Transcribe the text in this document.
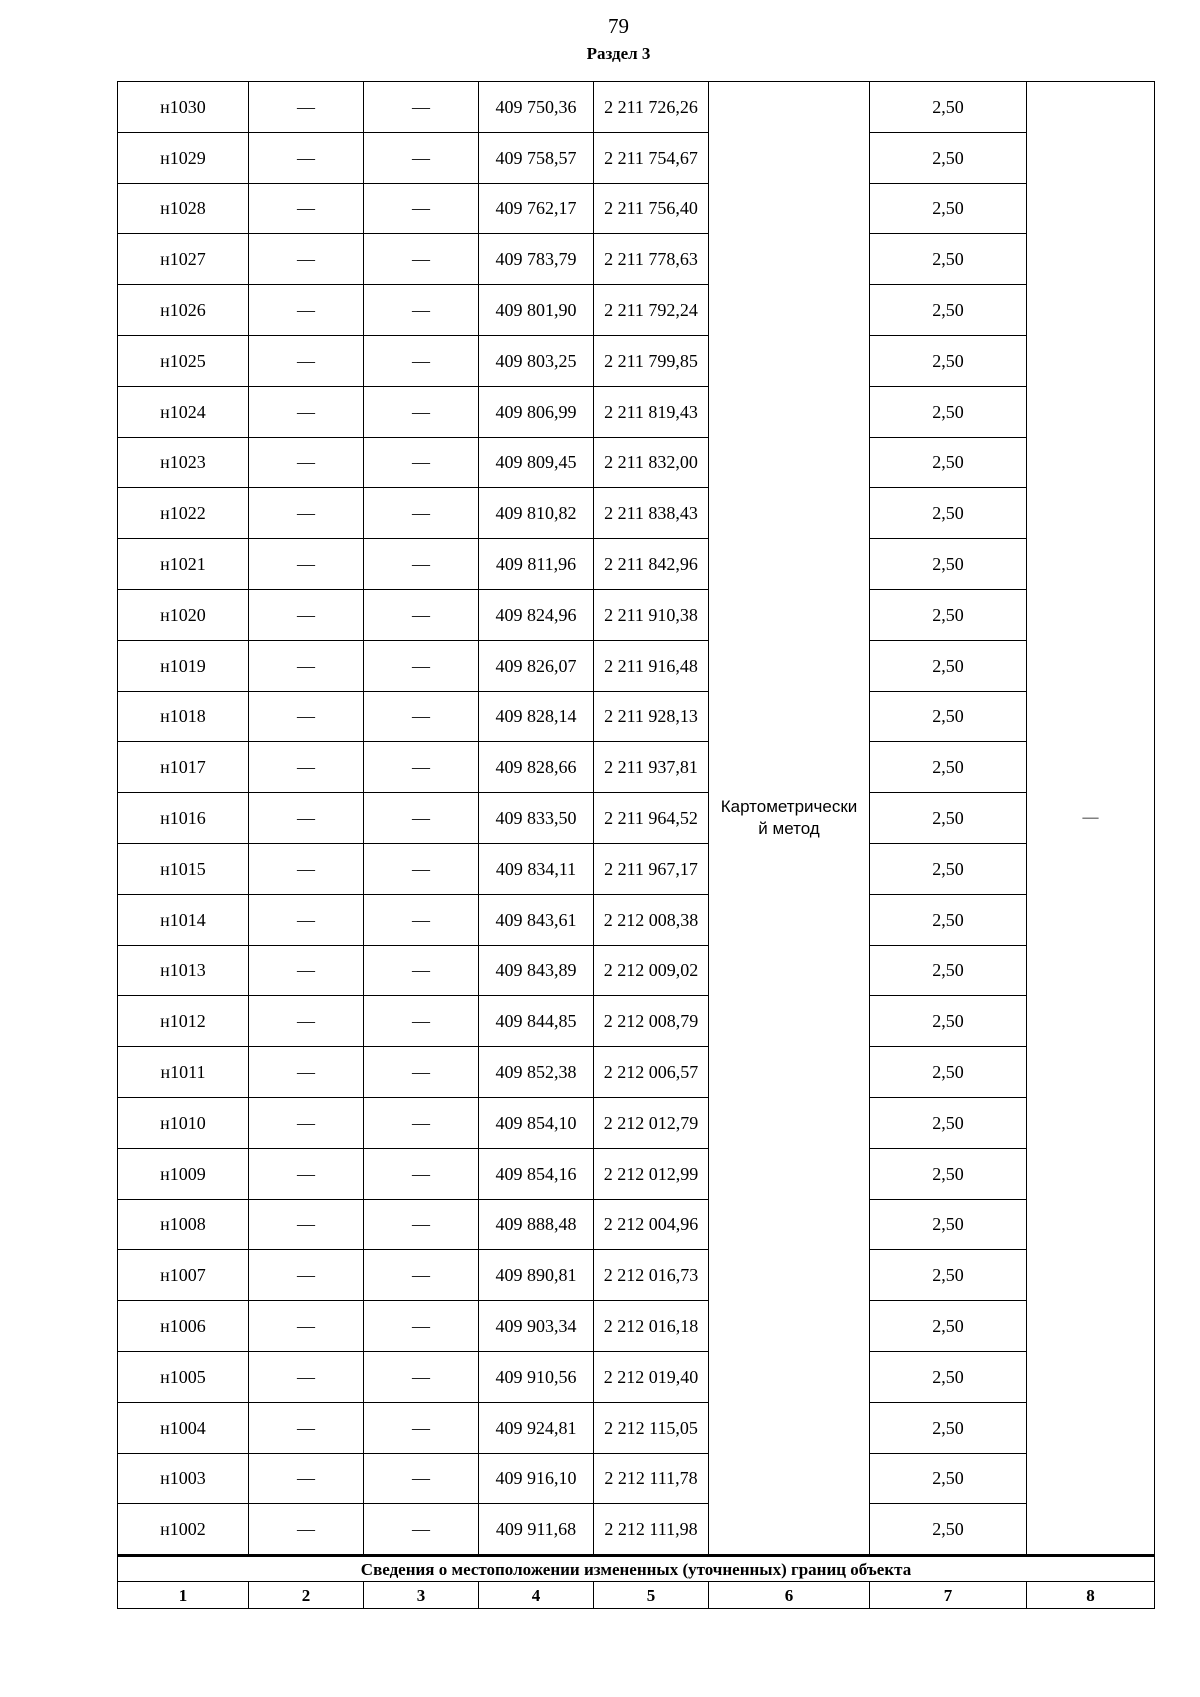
79
Раздел 3
н1030	—	—	409 750,36	2 211 726,26	Картометрически
й метод	2,50	—
н1029	—	—	409 758,57	2 211 754,67		2,50	
н1028	—	—	409 762,17	2 211 756,40		2,50	
н1027	—	—	409 783,79	2 211 778,63		2,50	
н1026	—	—	409 801,90	2 211 792,24		2,50	
н1025	—	—	409 803,25	2 211 799,85		2,50	
н1024	—	—	409 806,99	2 211 819,43		2,50	
н1023	—	—	409 809,45	2 211 832,00		2,50	
н1022	—	—	409 810,82	2 211 838,43		2,50	
н1021	—	—	409 811,96	2 211 842,96		2,50	
н1020	—	—	409 824,96	2 211 910,38		2,50	
н1019	—	—	409 826,07	2 211 916,48		2,50	
н1018	—	—	409 828,14	2 211 928,13		2,50	
н1017	—	—	409 828,66	2 211 937,81		2,50	
н1016	—	—	409 833,50	2 211 964,52		2,50	
н1015	—	—	409 834,11	2 211 967,17		2,50	
н1014	—	—	409 843,61	2 212 008,38		2,50	
н1013	—	—	409 843,89	2 212 009,02		2,50	
н1012	—	—	409 844,85	2 212 008,79		2,50	
н1011	—	—	409 852,38	2 212 006,57		2,50	
н1010	—	—	409 854,10	2 212 012,79		2,50	
н1009	—	—	409 854,16	2 212 012,99		2,50	
н1008	—	—	409 888,48	2 212 004,96		2,50	
н1007	—	—	409 890,81	2 212 016,73		2,50	
н1006	—	—	409 903,34	2 212 016,18		2,50	
н1005	—	—	409 910,56	2 212 019,40		2,50	
н1004	—	—	409 924,81	2 212 115,05		2,50	
н1003	—	—	409 916,10	2 212 111,78		2,50	
н1002	—	—	409 911,68	2 212 111,98		2,50	
Сведения о местоположении измененных (уточненных) границ объекта							
1	2	3	4	5	6	7	8
